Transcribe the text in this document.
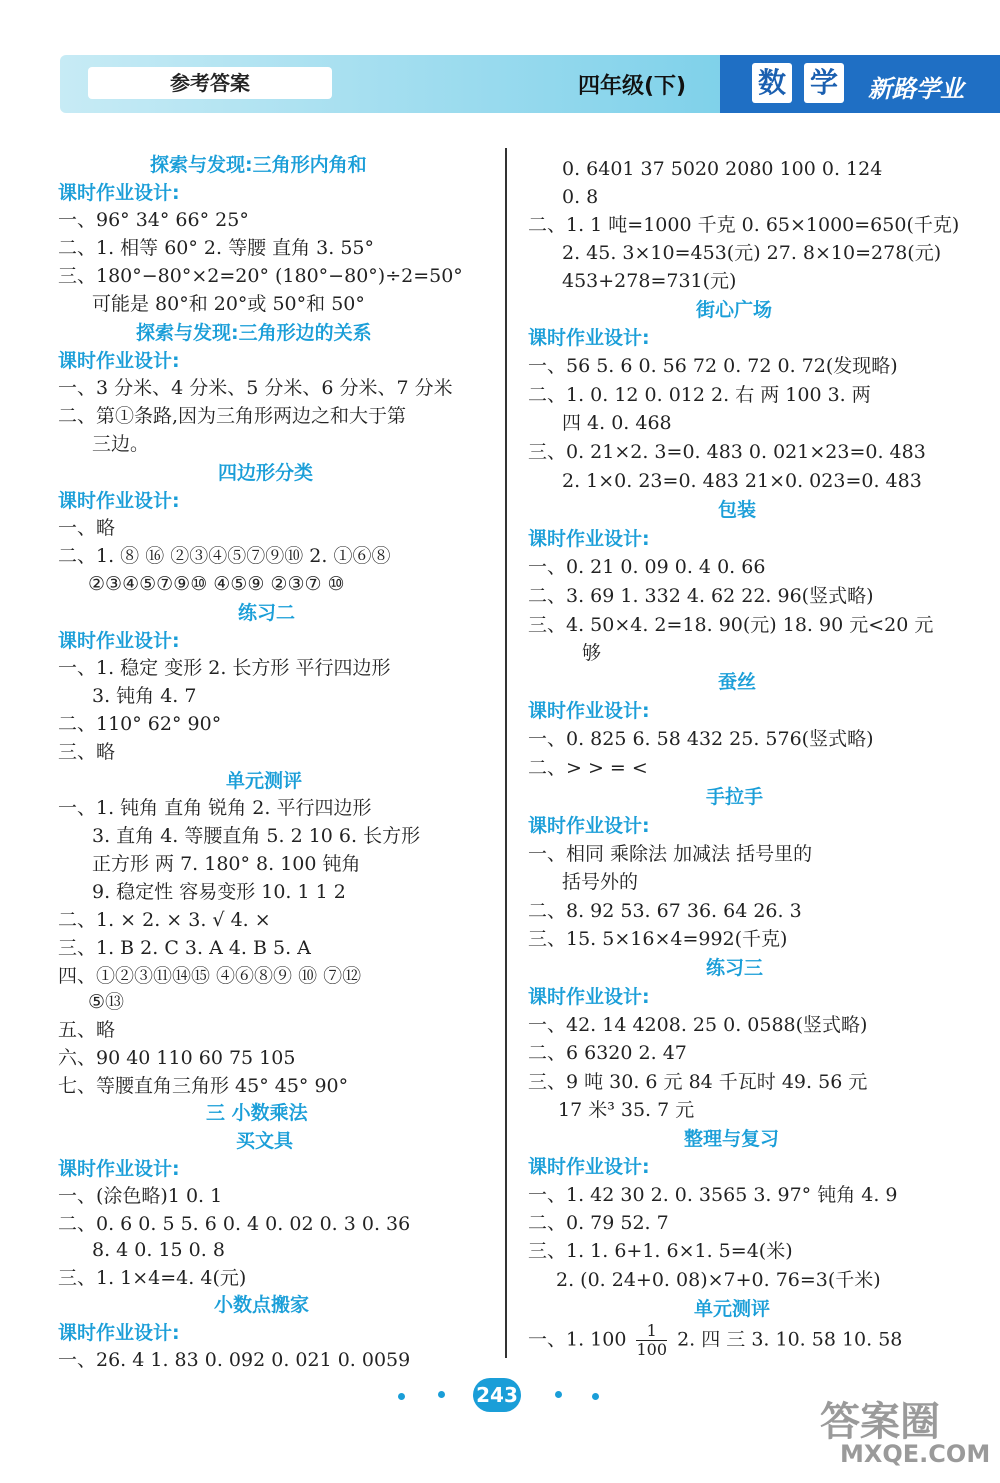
参考答案	四年级(下)	数 学 新路学业
探索与发现:三角形内角和
课时作业设计:
一、96° 34° 66° 25°
二、1. 相等 60° 2. 等腰 直角 3. 55°
三、180°−80°×2=20° (180°−80°)÷2=50°
可能是 80°和 20°或 50°和 50°
探索与发现:三角形边的关系
课时作业设计:
一、3 分米、4 分米、5 分米、6 分米、7 分米
二、第①条路,因为三角形两边之和大于第
三边。
四边形分类
课时作业设计:
一、略
二、1. ⑧ ⑯ ②③④⑤⑦⑨⑩ 2. ①⑥⑧
②③④⑤⑦⑨⑩ ④⑤⑨ ②③⑦ ⑩
练习二
课时作业设计:
一、1. 稳定 变形 2. 长方形 平行四边形
3. 钝角 4. 7
二、110° 62° 90°
三、略
单元测评
一、1. 钝角 直角 锐角 2. 平行四边形
3. 直角 4. 等腰直角 5. 2 10 6. 长方形
正方形 两 7. 180° 8. 100 钝角
9. 稳定性 容易变形 10. 1 1 2
二、1. × 2. × 3. √ 4. ×
三、1. B 2. C 3. A 4. B 5. A
四、①②③⑪⑭⑮ ④⑥⑧⑨ ⑩ ⑦⑫
⑤⑬
五、略
六、90 40 110 60 75 105
七、等腰直角三角形 45° 45° 90°
三 小数乘法
买文具
课时作业设计:
一、(涂色略)1 0. 1
二、0. 6 0. 5 5. 6 0. 4 0. 02 0. 3 0. 36
8. 4 0. 15 0. 8
三、1. 1×4=4. 4(元)
小数点搬家
课时作业设计:
一、26. 4 1. 83 0. 092 0. 021 0. 0059
0. 6401 37 5020 2080 100 0. 124
0. 8
二、1. 1 吨=1000 千克 0. 65×1000=650(千克)
2. 45. 3×10=453(元) 27. 8×10=278(元)
453+278=731(元)
街心广场
课时作业设计:
一、56 5. 6 0. 56 72 0. 72 0. 72(发现略)
二、1. 0. 12 0. 012 2. 右 两 100 3. 两
四 4. 0. 468
三、0. 21×2. 3=0. 483 0. 021×23=0. 483
2. 1×0. 23=0. 483 21×0. 023=0. 483
包装
课时作业设计:
一、0. 21 0. 09 0. 4 0. 66
二、3. 69 1. 332 4. 62 22. 96(竖式略)
三、4. 50×4. 2=18. 90(元) 18. 90 元<20 元
够
蚕丝
课时作业设计:
一、0. 825 6. 58 432 25. 576(竖式略)
二、> > = <
手拉手
课时作业设计:
一、相同 乘除法 加减法 括号里的
括号外的
二、8. 92 53. 67 36. 64 26. 3
三、15. 5×16×4=992(千克)
练习三
课时作业设计:
一、42. 14 4208. 25 0. 0588(竖式略)
二、6 6320 2. 47
三、9 吨 30. 6 元 84 千瓦时 49. 56 元
17 米³ 35. 7 元
整理与复习
课时作业设计:
一、1. 42 30 2. 0. 3565 3. 97° 钝角 4. 9
二、0. 79 52. 7
三、1. 1. 6+1. 6×1. 5=4(米)
2. (0. 24+0. 08)×7+0. 76=3(千米)
单元测评
一、1. $100 \frac{1}{100} 2$. 四 三 3. 10. 58 10. 58
243
答案圈
MXQE.COM
